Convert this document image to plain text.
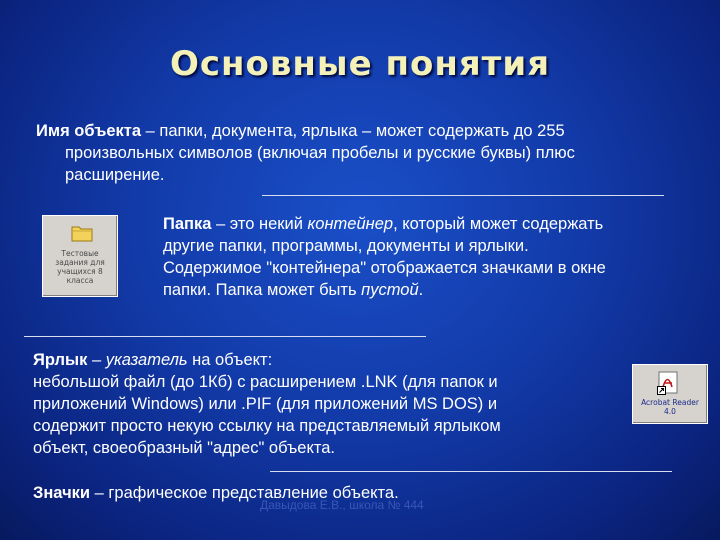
Основные понятия
Имя объекта – папки, документа, ярлыка – может содержать до 255
произвольных символов (включая пробелы и русские буквы) плюс
расширение.
Тестовые
задания для
учащихся 8
класса
Папка – это некий контейнер, который может содержать
другие папки, программы, документы и ярлыки.
Содержимое "контейнера" отображается значками в окне
папки. Папка может быть пустой.
Ярлык – указатель на объект:
небольшой файл (до 1Кб) с расширением .LNK (для папок и
приложений Windows) или .PIF (для приложений MS DOS) и
содержит просто некую ссылку на представляемый ярлыком
объект, своеобразный "адрес" объекта.
Acrobat Reader
4.0
Значки – графическое представление объекта.
Давыдова Е.В., школа № 444
